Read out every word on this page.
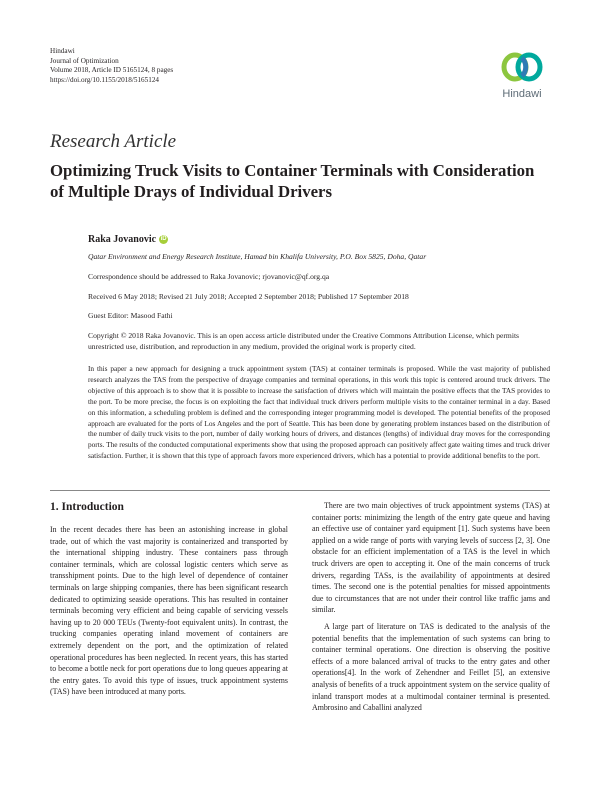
Hindawi
Journal of Optimization
Volume 2018, Article ID 5165124, 8 pages
https://doi.org/10.1155/2018/5165124
Hindawi
Research Article
Optimizing Truck Visits to Container Terminals with Consideration of Multiple Drays of Individual Drivers
Raka Jovanovic iD
Qatar Environment and Energy Research Institute, Hamad bin Khalifa University, P.O. Box 5825, Doha, Qatar
Correspondence should be addressed to Raka Jovanovic; rjovanovic@qf.org.qa
Received 6 May 2018; Revised 21 July 2018; Accepted 2 September 2018; Published 17 September 2018
Guest Editor: Masood Fathi
Copyright © 2018 Raka Jovanovic. This is an open access article distributed under the Creative Commons Attribution License, which permits unrestricted use, distribution, and reproduction in any medium, provided the original work is properly cited.
In this paper a new approach for designing a truck appointment system (TAS) at container terminals is proposed. While the vast majority of published research analyzes the TAS from the perspective of drayage companies and terminal operations, in this work this topic is centered around truck drivers. The objective of this approach is to show that it is possible to increase the satisfaction of drivers which will maintain the positive effects that the TAS provides to the port. To be more precise, the focus is on exploiting the fact that individual truck drivers perform multiple visits to the container terminal in a day. Based on this information, a scheduling problem is defined and the corresponding integer programming model is developed. The potential benefits of the proposed approach are evaluated for the ports of Los Angeles and the port of Seattle. This has been done by generating problem instances based on the distribution of the number of daily truck visits to the port, number of daily working hours of drivers, and distances (lengths) of individual dray moves for the corresponding ports. The results of the conducted computational experiments show that using the proposed approach can positively affect gate waiting times and truck driver satisfaction. Further, it is shown that this type of approach favors more experienced drivers, which has a potential to provide additional benefits to the port.
1. Introduction

In the recent decades there has been an astonishing increase in global trade, out of which the vast majority is containerized and transported by the international shipping industry. These containers pass through container terminals, which are colossal logistic centers which serve as transshipment points. Due to the high level of dependence of container terminals on large shipping companies, there has been significant research dedicated to optimizing seaside operations. This has resulted in container terminals becoming very efficient and being capable of servicing vessels having up to 20 000 TEUs (Twenty-foot equivalent units). In contrast, the trucking companies operating inland movement of containers are extremely dependent on the port, and the optimization of related operational procedures has been neglected. In recent years, this has started to become a bottle neck for port operations due to long queues appearing at the entry gates. To avoid this type of issues, truck appointment systems (TAS) have been introduced at many ports.

There are two main objectives of truck appointment systems (TAS) at container ports: minimizing the length of the entry gate queue and having an effective use of container yard equipment [1]. Such systems have been applied on a wide range of ports with varying levels of success [2, 3]. One obstacle for an efficient implementation of a TAS is the level in which truck drivers are open to accepting it. One of the main concerns of truck drivers, regarding TASs, is the availability of appointments at desired times. The second one is the potential penalties for missed appointments due to circumstances that are not under their control like traffic jams and similar.

A large part of literature on TAS is dedicated to the analysis of the potential benefits that the implementation of such systems can bring to container terminal operations. One direction is observing the positive effects of a more balanced arrival of trucks to the entry gates and other operations[4]. In the work of Zehendner and Feillet [5], an extensive analysis of benefits of a truck appointment system on the service quality of inland transport modes at a multimodal container terminal is presented. Ambrosino and Caballini analyzed
